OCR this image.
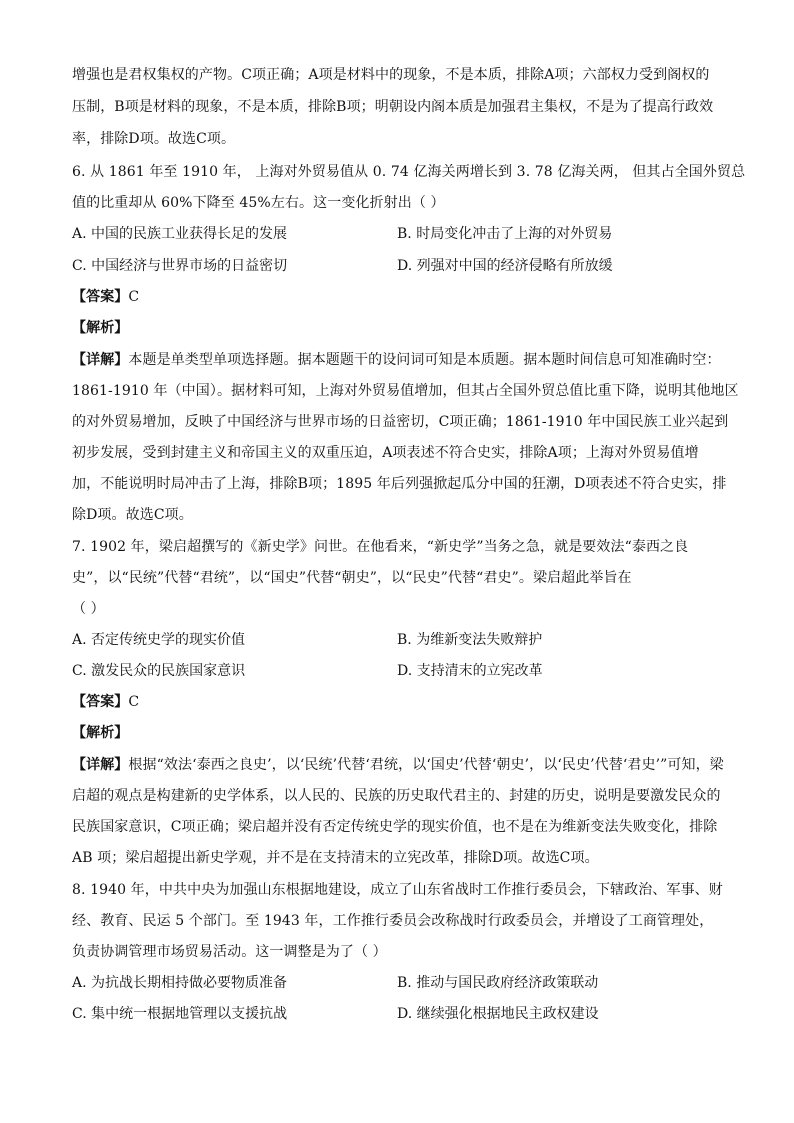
增强也是君权集权的产物。C项正确；A项是材料中的现象，不是本质，排除A项；六部权力受到阁权的
压制，B项是材料的现象，不是本质，排除B项；明朝设内阁本质是加强君主集权，不是为了提高行政效
率，排除D项。故选C项。
6. 从 1861 年至 1910 年， 上海对外贸易值从 0. 74 亿海关两增长到 3. 78 亿海关两， 但其占全国外贸总
值的比重却从 60%下降至 45%左右。这一变化折射出（ ）
A. 中国的民族工业获得长足的发展	B. 时局变化冲击了上海的对外贸易
C. 中国经济与世界市场的日益密切	D. 列强对中国的经济侵略有所放缓
【答案】C
【解析】
【详解】本题是单类型单项选择题。据本题题干的设问词可知是本质题。据本题时间信息可知准确时空：
1861-1910 年（中国）。据材料可知，上海对外贸易值增加，但其占全国外贸总值比重下降，说明其他地区
的对外贸易增加，反映了中国经济与世界市场的日益密切，C项正确；1861-1910 年中国民族工业兴起到
初步发展，受到封建主义和帝国主义的双重压迫，A项表述不符合史实，排除A项；上海对外贸易值增
加，不能说明时局冲击了上海，排除B项；1895 年后列强掀起瓜分中国的狂潮，D项表述不符合史实，排
除D项。故选C项。
7. 1902 年，梁启超撰写的《新史学》问世。在他看来，“新史学”当务之急，就是要效法“泰西之良
史”，以“民统”代替“君统”，以“国史”代替“朝史”，以“民史”代替“君史”。梁启超此举旨在
（ ）
A. 否定传统史学的现实价值	B. 为维新变法失败辩护
C. 激发民众的民族国家意识	D. 支持清末的立宪改革
【答案】C
【解析】
【详解】根据“效法‘泰西之良史’，以‘民统’代替‘君统，以‘国史’代替‘朝史’，以‘民史’代替‘君史’”可知，梁
启超的观点是构建新的史学体系，以人民的、民族的历史取代君主的、封建的历史，说明是要激发民众的
民族国家意识，C项正确；梁启超并没有否定传统史学的现实价值，也不是在为维新变法失败变化，排除
AB 项；梁启超提出新史学观，并不是在支持清末的立宪改革，排除D项。故选C项。
8. 1940 年，中共中央为加强山东根据地建设，成立了山东省战时工作推行委员会，下辖政治、军事、财
经、教育、民运 5 个部门。至 1943 年，工作推行委员会改称战时行政委员会，并增设了工商管理处，
负责协调管理市场贸易活动。这一调整是为了（ ）
A. 为抗战长期相持做必要物质准备	B. 推动与国民政府经济政策联动
C. 集中统一根据地管理以支援抗战	D. 继续强化根据地民主政权建设
